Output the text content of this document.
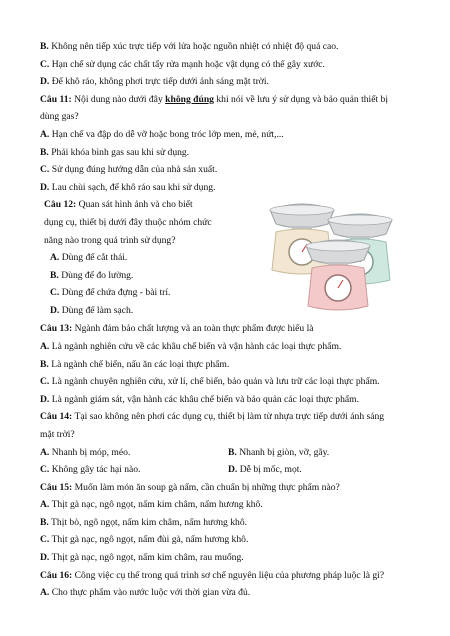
B. Không nên tiếp xúc trực tiếp với lửa hoặc nguồn nhiệt có nhiệt độ quá cao.
C. Hạn chế sử dụng các chất tẩy rửa mạnh hoặc vật dụng có thể gây xước.
D. Để khô ráo, không phơi trực tiếp dưới ánh sáng mặt trời.
Câu 11: Nội dung nào dưới đây không đúng khi nói về lưu ý sử dụng và bảo quản thiết bị
dùng gas?
A. Hạn chế va đập do dễ vỡ hoặc bong tróc lớp men, mẻ, nứt,...
B. Phải khóa bình gas sau khi sử dụng.
C. Sử dụng đúng hướng dẫn của nhà sản xuất.
D. Lau chùi sạch, để khô ráo sau khi sử dụng.
Câu 12: Quan sát hình ảnh và cho biết
dụng cụ, thiết bị dưới đây thuộc nhóm chức
năng nào trong quá trình sử dụng?
A. Dùng để cắt thái.
B. Dùng để đo lường.
C. Dùng để chứa đựng - bài trí.
D. Dùng để làm sạch.
Câu 13: Ngành đảm bảo chất lượng và an toàn thực phẩm được hiểu là
A. Là ngành nghiên cứu về các khâu chế biến và vận hành các loại thực phẩm.
B. Là ngành chế biến, nấu ăn các loại thực phẩm.
C. Là ngành chuyên nghiên cứu, xử lí, chế biến, bảo quản và lưu trữ các loại thực phẩm.
D. Là ngành giám sát, vận hành các khâu chế biến và bảo quản các loại thực phẩm.
Câu 14: Tại sao không nên phơi các dụng cụ, thiết bị làm từ nhựa trực tiếp dưới ánh sáng
mặt trời?
A. Nhanh bị móp, méo.	B. Nhanh bị giòn, vỡ, gãy.
C. Không gây tác hại nào.	D. Dễ bị mốc, mọt.
Câu 15: Muốn làm món ăn soup gà nấm, cần chuẩn bị những thực phẩm nào?
A. Thịt gà nạc, ngô ngọt, nấm kim châm, nấm hương khô.
B. Thịt bò, ngô ngọt, nấm kim châm, nấm hương khô.
C. Thịt gà nạc, ngô ngọt, nấm đùi gà, nấm hương khô.
D. Thịt gà nạc, ngô ngọt, nấm kim châm, rau muống.
Câu 16: Công việc cụ thể trong quá trình sơ chế nguyên liệu của phương pháp luộc là gì?
A. Cho thực phẩm vào nước luộc với thời gian vừa đủ.
